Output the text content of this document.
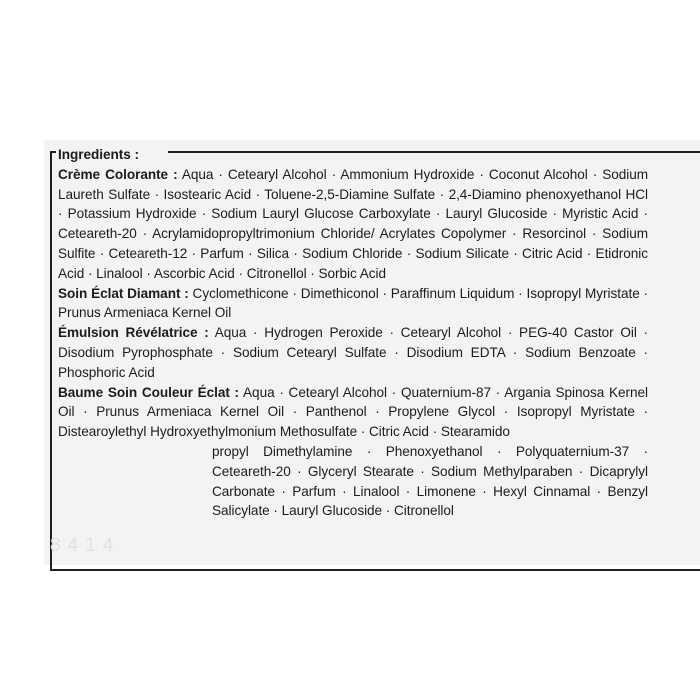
Ingredients :

Crème Colorante : Aqua · Cetearyl Alcohol · Ammonium Hydroxide · Coconut Alcohol · Sodium Laureth Sulfate · Isostearic Acid · Toluene-2,5-Diamine Sulfate · 2,4-Diamino phenoxyethanol HCl · Potassium Hydroxide · Sodium Lauryl Glucose Carboxylate · Lauryl Glucoside · Myristic Acid · Ceteareth-20 · Acrylamidopropyltrimonium Chloride/ Acrylates Copolymer · Resorcinol · Sodium Sulfite · Ceteareth-12 · Parfum · Silica · Sodium Chloride · Sodium Silicate · Citric Acid · Etidronic Acid · Linalool · Ascorbic Acid · Citronellol · Sorbic Acid

Soin Éclat Diamant : Cyclomethicone · Dimethiconol · Paraffinum Liquidum · Isopropyl Myristate · Prunus Armeniaca Kernel Oil

Émulsion Révélatrice : Aqua · Hydrogen Peroxide · Cetearyl Alcohol · PEG-40 Castor Oil · Disodium Pyrophosphate · Sodium Cetearyl Sulfate · Disodium EDTA · Sodium Benzoate · Phosphoric Acid

Baume Soin Couleur Éclat : Aqua · Cetearyl Alcohol · Quaternium-87 · Argania Spinosa Kernel Oil · Prunus Armeniaca Kernel Oil · Panthenol · Propylene Glycol · Isopropyl Myristate · Distearoylethyl Hydroxyethylmonium Methosulfate · Citric Acid · Stearamido

propyl Dimethylamine · Phenoxyethanol · Polyquaternium-37 · Ceteareth-20 · Glyceryl Stearate · Sodium Methylparaben · Dicaprylyl Carbonate · Parfum · Linalool · Limonene · Hexyl Cinnamal · Benzyl Salicylate · Lauryl Glucoside · Citronellol

8414
